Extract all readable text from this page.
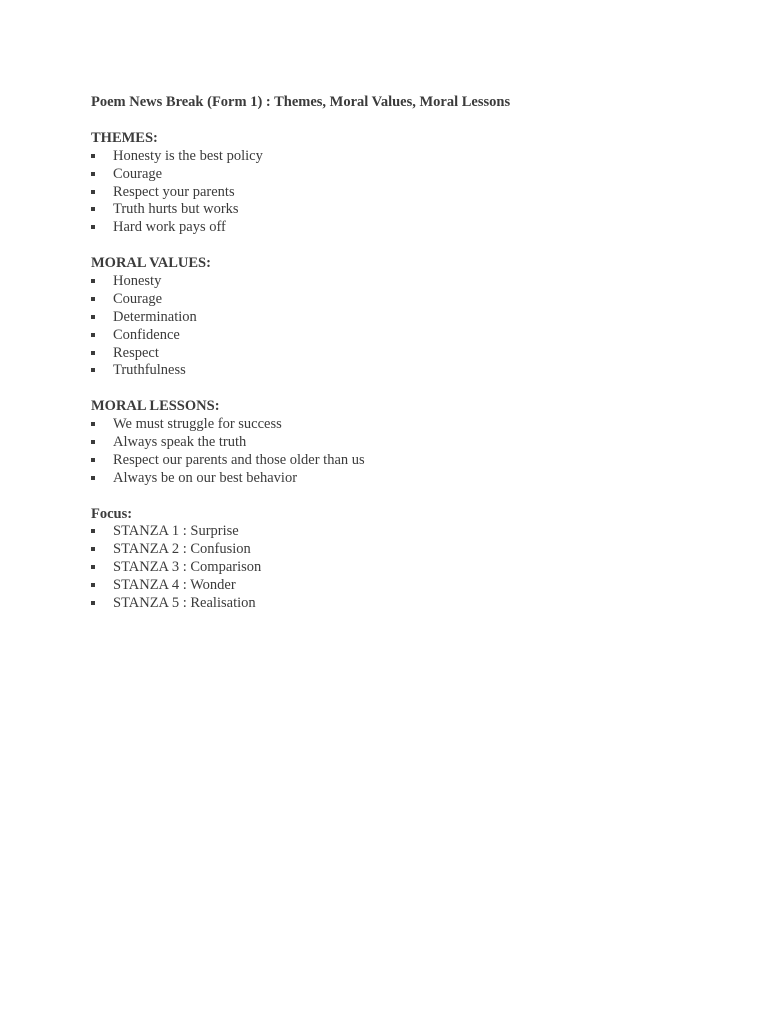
Poem News Break (Form 1) : Themes, Moral Values, Moral Lessons
THEMES:
Honesty is the best policy
Courage
Respect your parents
Truth hurts but works
Hard work pays off
MORAL VALUES:
Honesty
Courage
Determination
Confidence
Respect
Truthfulness
MORAL LESSONS:
We must struggle for success
Always speak the truth
Respect our parents and those older than us
Always be on our best behavior
Focus:
STANZA 1 : Surprise
STANZA 2 : Confusion
STANZA 3 : Comparison
STANZA 4 : Wonder
STANZA 5 : Realisation
